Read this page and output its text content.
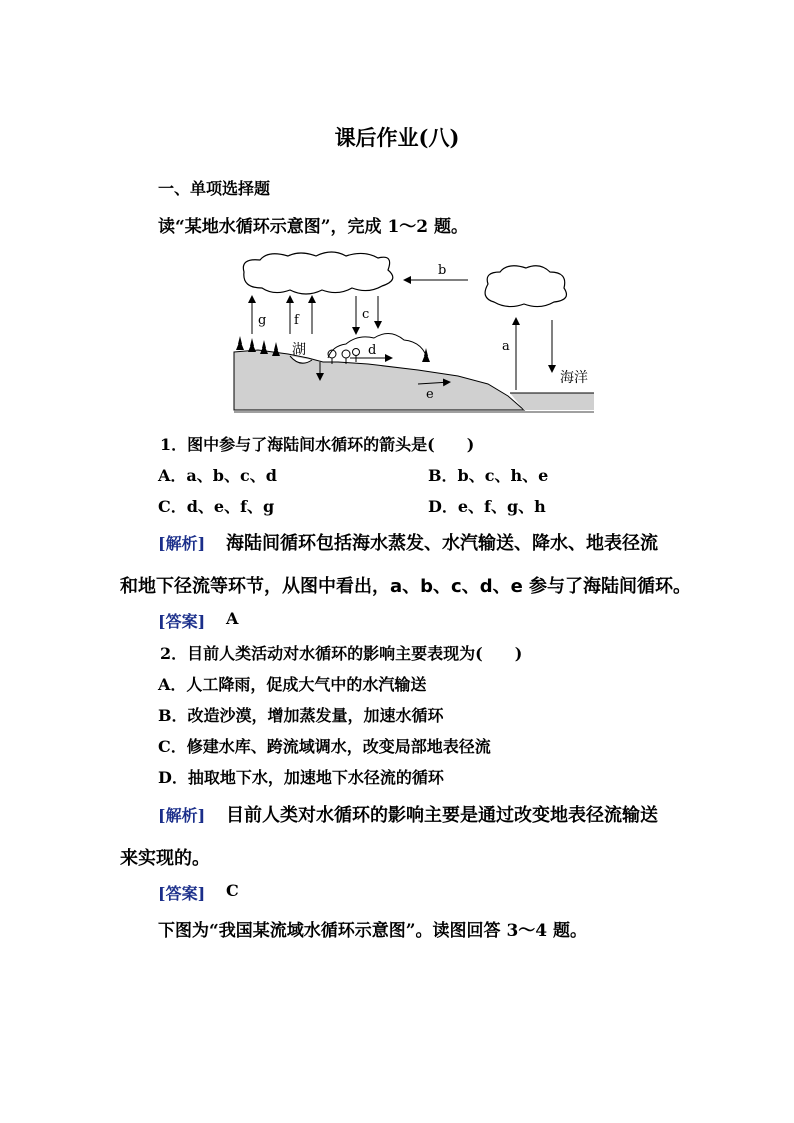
课后作业(八)
一、单项选择题
读“某地水循环示意图”，完成 1～2 题。
b
g f	c
a
d
e
湖
海洋
1．图中参与了海陆间水循环的箭头是(　　)
A．a、b、c、d	B．b、c、h、e
C．d、e、f、g	D．e、f、g、h
[解析] 海陆间循环包括海水蒸发、水汽输送、降水、地表径流
和地下径流等环节，从图中看出，a、b、c、d、e 参与了海陆间循环。
[答案] A
2．目前人类活动对水循环的影响主要表现为(　　)
A．人工降雨，促成大气中的水汽输送
B．改造沙漠，增加蒸发量，加速水循环
C．修建水库、跨流域调水，改变局部地表径流
D．抽取地下水，加速地下水径流的循环
[解析] 目前人类对水循环的影响主要是通过改变地表径流输送
来实现的。
[答案] C
下图为“我国某流域水循环示意图”。读图回答 3～4 题。
